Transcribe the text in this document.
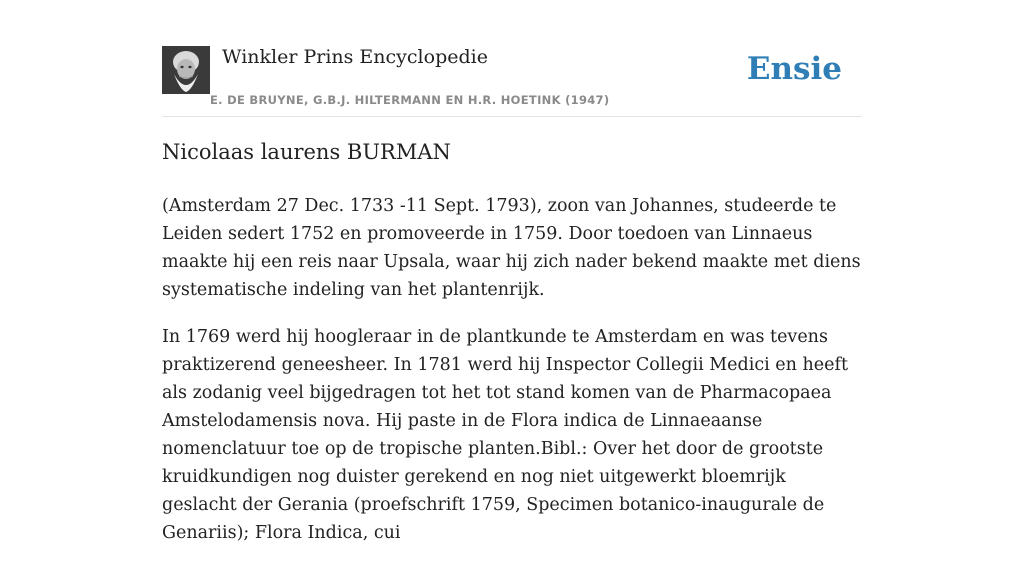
Winkler Prins Encyclopedie
E. DE BRUYNE, G.B.J. HILTERMANN EN H.R. HOETINK (1947)
Ensie
Nicolaas laurens BURMAN

(Amsterdam 27 Dec. 1733 -11 Sept. 1793), zoon van Johannes, studeerde te Leiden sedert 1752 en promoveerde in 1759. Door toedoen van Linnaeus maakte hij een reis naar Upsala, waar hij zich nader bekend maakte met diens systematische indeling van het plantenrijk.

In 1769 werd hij hoogleraar in de plantkunde te Amsterdam en was tevens praktizerend geneesheer. In 1781 werd hij Inspector Collegii Medici en heeft als zodanig veel bijgedragen tot het tot stand komen van de Pharmacopaea Amstelodamensis nova. Hij paste in de Flora indica de Linnaeaanse nomenclatuur toe op de tropische planten.Bibl.: Over het door de grootste kruidkundigen nog duister gerekend en nog niet uitgewerkt bloemrijk geslacht der Gerania (proefschrift 1759, Specimen botanico-inaugurale de Genariis); Flora Indica, cui
